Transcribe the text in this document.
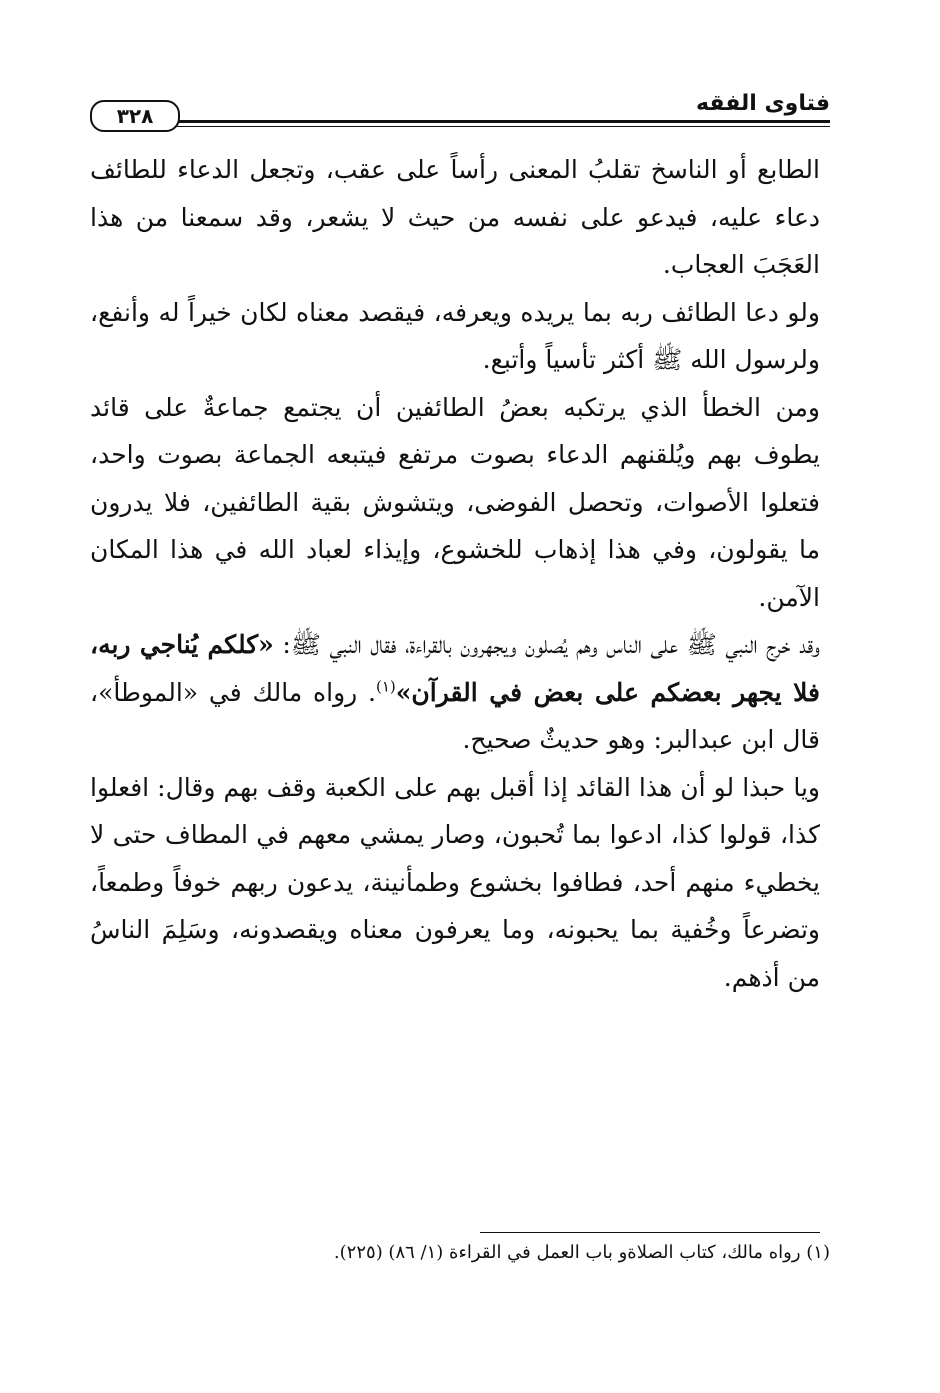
فتاوى الفقه
٣٢٨

الطابع أو الناسخ تقلبُ المعنى رأساً على عقب، وتجعل الدعاء للطائف دعاء عليه، فيدعو على نفسه من حيث لا يشعر، وقد سمعنا من هذا العَجَبَ العجاب.

ولو دعا الطائف ربه بما يريده ويعرفه، فيقصد معناه لكان خيراً له وأنفع، ولرسول الله ﷺ أكثر تأسياً وأتبع.

ومن الخطأ الذي يرتكبه بعضُ الطائفين أن يجتمع جماعةٌ على قائد يطوف بهم ويُلقنهم الدعاء بصوت مرتفع فيتبعه الجماعة بصوت واحد، فتعلوا الأصوات، وتحصل الفوضى، ويتشوش بقية الطائفين، فلا يدرون ما يقولون، وفي هذا إذهاب للخشوع، وإيذاء لعباد الله في هذا المكان الآمن.

وقد خرج النبي ﷺ على الناس وهم يُصلون ويجهرون بالقراءة، فقال النبي ﷺ: «كلكم يُناجي ربه، فلا يجهر بعضكم على بعض في القرآن»$^{(١)}$. رواه مالك في «الموطأ»، قال ابن عبدالبر: وهو حديثٌ صحيح.

ويا حبذا لو أن هذا القائد إذا أقبل بهم على الكعبة وقف بهم وقال: افعلوا كذا، قولوا كذا، ادعوا بما تُحبون، وصار يمشي معهم في المطاف حتى لا يخطيء منهم أحد، فطافوا بخشوع وطمأنينة، يدعون ربهم خوفاً وطمعاً، وتضرعاً وخُفية بما يحبونه، وما يعرفون معناه ويقصدونه، وسَلِمَ الناسُ من أذهم.

(١) رواه مالك، كتاب الصلاةو باب العمل في القراءة (١/ ٨٦) (٢٢٥).
